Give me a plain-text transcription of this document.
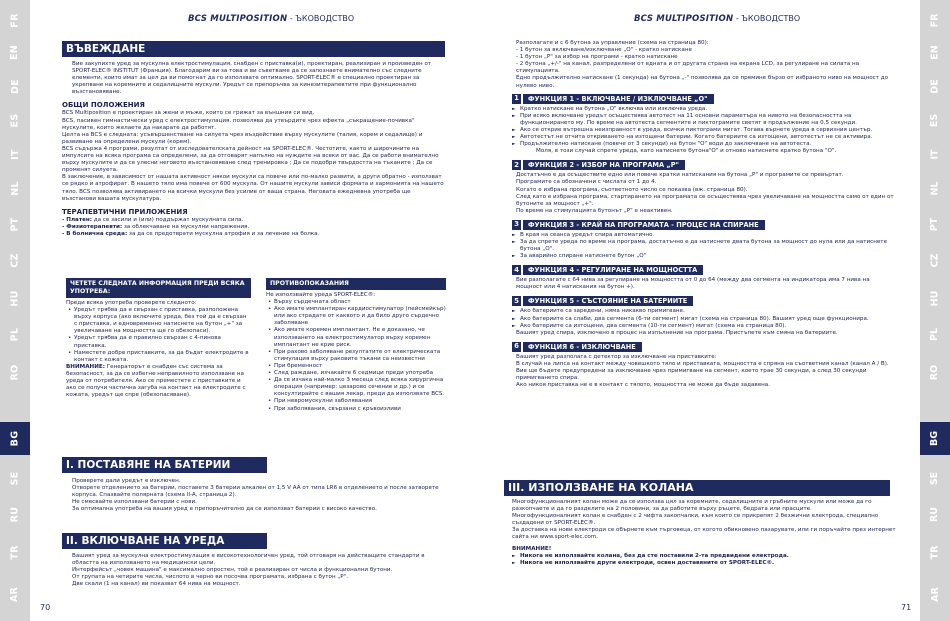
FR
EN
DE
ES
IT
NL
PT
CZ
HU
PL
RO
BG
SE
RU
TR
AR
FR
EN
DE
ES
IT
NL
PT
CZ
HU
PL
RO
BG
SE
RU
TR
AR
BCS MULTIPOSITION - ЪКОВОДСТВО	BCS MULTIPOSITION - ЪКОВОДСТВО
ВЪВЕЖДАНЕ

Вие закупихте уред за мускулна електростимулация, снабден с приставка(и), проектиран, реализиран и произведен от SPORT-ELEC® INSTITUT (Франция). Благодарим ви за това и ви съветваме да се запознаете внимателно със следните елементи, които имат за цел да ви помогнат да го използвате оптимално. SPORT-ELEC® е специално проектиран за укрепване на коремните и седалищните мускули. Уредът се препоръчва за кинезитерапевтите при функционално възстановяване.

ОБЩИ ПОЛОЖЕНИЯ

BCS Multiposition е проектиран за жени и мъже, които се грижат за външния си вид.

BCS, пасивен гимнастически уред с електростимулация, позволява да утвърдите чрез ефекта „съкращение-почивка" мускулите, които желаете да накарате да работят.

Целта на BCS е следната: усъвършенстване на силуета чрез въздействие върху мускулите (талия, корем и седалище) и развиване на определени мускули (корем).

BCS съдържа 4 програми, резултат от изследователската дейност на SPORT-ELEC®. Честотите, както и широчините на импулсите на всяка програма са определени, за да отговарят напълно на нуждите на всеки от вас. Да се работи внимателно върху мускулите и да се улесни неговото възстановяване след тренировка ; Да се подобри твърдостта на тъканите ; Да се променят силуета.

В заключение, в зависимост от нашата активност някои мускули са повече или по-малко развити, а други обратно - използват се рядко и атрофират. В нашето тяло има повече от 600 мускула. От нашите мускули зависи формата и хармонията на нашето тяло. BCS позволява активирането на всички мускули без усилие от ваша страна. Неговата ежедневна употреба ще възстанови вашата мускулатура.

ТЕРАПЕВТИЧНИ ПРИЛОЖЕНИЯ

- Платен: да се засили и (или) поддържат мускулната сила.

- Физиотерапевти: за облекчаване на мускулни напрежения.

- В болнична среда: за да се предотврати мускулна атрофия и за лечение на болка.

ЧЕТЕТЕ СЛЕДНАТА ИНФОРМАЦИЯ ПРЕДИ ВСЯКА УПОТРЕБА:

Преди всяка употреба проверете следното:

• Уредът трябва да е свързан с приставка, разположена върху корпуса (ако включите уреда, без той да е свързан с приставка, и едновременно натиснете на бутон „+" за увеличаване на мощността ще го обезопаси).

• Уредът трябва да е правилно свързан с 4-пинова приставка.

• Наместете добре приставките, за да бъдат електродите в контакт с кожата.

ВНИМАНИЕ: Генераторът е снабден със система за безопасност, за да се избегне неправилното използване на уреда от потребителя. Ако се преместете с приставките и ако се получи частична загуба на контакт на електродите с кожата, уредът ще спре (обезопасяване).

ПРОТИВОПОКАЗАНИЯ

Не използвайте уреда SPORT-ELEC®:

• Върху сърдечната област

• Ако имате имплантиран кардиостимулатор (пейсмейкър) или ако страдате от каквото и да било друго сърдечно заболяване

• Ако имате коремен имплантант. Не е доказано, че използването на електростимулатор върху коремен имплантант не крие риск.

• При рахово заболяване резултатите от електрическата стимулация върху раковите тъкани са неизвестни

• При бременност

• След раждане, изчакайте 6 седмици преди употреба

• Да се изчака най-малко 3 месеца след всяка хирургична операция (например: цезарово сечение и др.) и се консултирайте с вашия лекар, преди да използвате BCS.

• При невромускулни заболявания

• При заболявания, свързани с кръвоизливи

I. ПОСТАВЯНЕ НА БАТЕРИИ

Проверете дали уредът е изключен.

Отворете отделението за батерии, поставете 3 батерии алкален от 1,5 V AA от типа LR6 в отделението и после затворете корпуса. Спазвайте полярната (схема II-A, страница 2).

Не смесвайте използвани батерии с нови.

За оптимална употреба на вашия уред е препоръчително да се използват батерии с високо качество.

II. ВКЛЮЧВАНЕ НА УРЕДА

Вашият уред за мускулна електростимулация е високотехнологичен уред, той отговаря на действащите стандарти в областта на използването на медицински цели.

Интерфейсът „човек машина" е максимално опростен, той е реализиран от числа и функционални бутони.

От групата на четирите числа, числото в черно ви посочва програмата, избрана с бутон „P".

Две скали (1 на канал) ви показват 64 нива на мощност.

Разполагате и с 6 бутона за управление (схема на страница 80):

- 1 бутон за включване/изключване „O" - кратко натискане

- 1 бутон „P" за избор на програми - кратко натискане

- 2 бутона „+/-" на канал, разпределени от едната и от другата страна на екрана LCD, за регулиране на силата на стимулацията.

Едно продължително натискане (1 секунда) на бутона „-" позволява да се премине бързо от избраното ниво на мощност до нулево ниво.

1	ФУНКЦИЯ 1 - ВКЛЮЧВАНЕ / ИЗКЛЮЧВАНЕ „O"

► Кратко натискане на бутона „O" включва или изключва уреда.

► При всяко включване уредът осъществява автотест на 11 основни параметъра на нивото на безопасността на функционирането му. По време на автотеста сегментите и пиктограмите светят в продължение на 0,5 секунди.

► Ако се открие вътрешна неизправност в уреда, всички пиктограми мигат. Тогава върнете уреда в сервизния център.

► Автотестът не отчита откриването на изтощени батерии. Когато батериите са изтощени, автотестът не се активира.

► Продължително натискане (повече от 3 секунди) на бутон "O" води до заключване на автотеста.

Моля, в този случай спрете уреда, като натиснете бутона"O" и отново натиснете кратко бутона "O".

2	ФУНКЦИЯ 2 - ИЗБОР НА ПРОГРАМА „P"

Достатъчно е да осъществите едно или повече кратки натискания на бутона „P" и програмите се превъртат.

Програмите са обозначени с числата от 1 до 4.

Когато е избрана програма, съответното число се показва (вж. страница 80).

След като е избрана програма, стартирането на програмата се осъществява чрез увеличаване на мощността само от един от бутоните за мощност „+".

По време на стимулацията бутонът „P" е неактивен.

3	ФУНКЦИЯ 3 - КРАЙ НА ПРОГРАМАТА - ПРОЦЕС НА СПИРАНЕ

► В края на сеанса уредът спира автоматично.

► За да спрете уреда по време на програма, достатъчно е да натиснете двата бутона за мощност до нула или да натиснете бутона „O".

► За аварийно спиране натиснете бутон „O"

4	ФУНКЦИЯ 4 - РЕГУЛИРАНЕ НА МОЩНОСТТА

Вие разполагате с 64 нива за регулиране на мощността от 0 до 64 (между два сегмента на индикатора има 7 нива на мощност или 4 натискания на бутон +).

5	ФУНКЦИЯ 5 - СЪСТОЯНИЕ НА БАТЕРИИТЕ

► Ако батериите са заредени, няма никакво примигване.

► Ако батериите са слаби, два сегмента (6-ти сегмент) мигат (схема на страница 80). Вашият уред още функционира.

► Ако батериите са изтощени, два сегмента (10-ти сегмент) мигат (схема на страница 80).

Вашият уред спира, изключено в процес на изпълнение на програма. Пристъпете към смяна на батериите.

6	ФУНКЦИЯ 6 - ИЗКЛЮЧВАНЕ

Вашият уред разполага с детектор за изключване на приставките:

В случай на липса на контакт между човешкото тяло и приставката, мощността е спряна на съответния канал (канал A / B).

Вие ще бъдете предупредени за изключване чрез примигване на сегмент, което трае 30 секунди, а след 30 секунди примигването спира.

Ако никоя приставка не е в контакт с тялото, мощността не може да бъде задавена.

III. ИЗПОЛЗВАНЕ НА КОЛАНА

Многофункционалният колан може да се използва цял за коремните, седалищните и гръбните мускули или може да го разкопчаете и да го разделите на 2 половини, за да работите върху ръцете, бедрата или прасците.

Многофункционалният колан е снабден с 2 чифта закопчалки, към които се прикрепят 2 безжични електрода, специално създадени от SPORT-ELEC®.

За доставка на нови електроди се обърнете към търговеца, от когото обикновено пазарувате, или ги поръчайте през интернет сайта ни www.sport-elec.com.

ВНИМАНИЕ!

► Никога не използвайте колана, без да сте поставили 2-та предвидени електрода.

► Никога не използвайте други електроди, освен доставяните от SPORT-ELEC®.

70	71
